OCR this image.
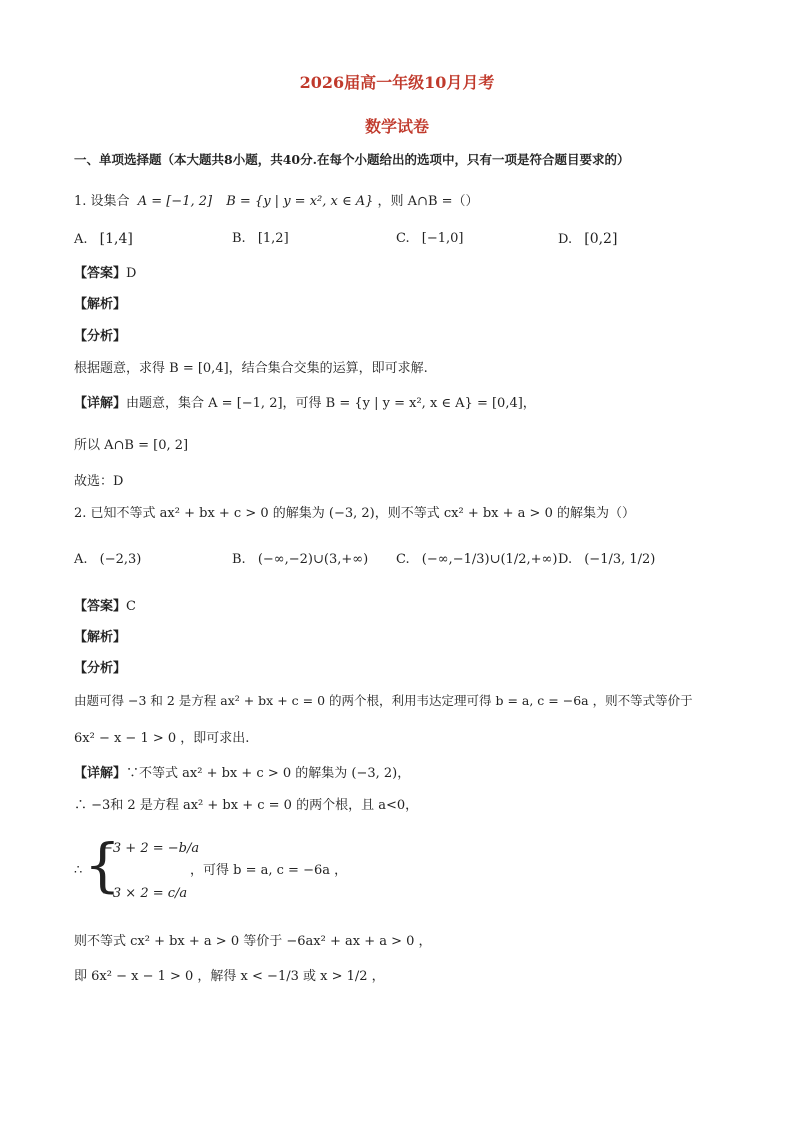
2026届高一年级10月月考
数学试卷
一、单项选择题（本大题共8小题，共40分.在每个小题给出的选项中，只有一项是符合题目要求的）
1. 设集合 A = [−1, 2] B = {y | y = x², x ∈ A} ，则 A∩B =（）
A. [1,4]	B. [1,2]	C. [−1,0]	D. [0,2]
【答案】D
【解析】
【分析】
根据题意，求得 B = [0,4]，结合集合交集的运算，即可求解.
【详解】由题意，集合 A = [−1, 2]，可得 B = {y | y = x², x ∈ A} = [0,4]，
所以 A∩B = [0, 2]
故选：D
2. 已知不等式 ax² + bx + c > 0 的解集为 (−3, 2)，则不等式 cx² + bx + a > 0 的解集为（）
A. (−2,3)	B. (−∞,−2)∪(3,+∞) C. (−∞,−1/3)∪(1/2,+∞) D. (−1/3, 1/2)
【答案】C
【解析】
【分析】
由题可得 −3 和 2 是方程 ax² + bx + c = 0 的两个根，利用韦达定理可得 b = a, c = −6a ，则不等式等价于
6x² − x − 1 > 0 ，即可求出.
【详解】∵不等式 ax² + bx + c > 0 的解集为 (−3, 2)，
∴ −3和 2 是方程 ax² + bx + c = 0 的两个根，且 a<0，
∴ {
−3 + 2 = −b/a
−3 × 2 = c/a
，可得 b = a, c = −6a ，
则不等式 cx² + bx + a > 0 等价于 −6ax² + ax + a > 0 ，
即 6x² − x − 1 > 0 ，解得 x < −1/3 或 x > 1/2 ，
